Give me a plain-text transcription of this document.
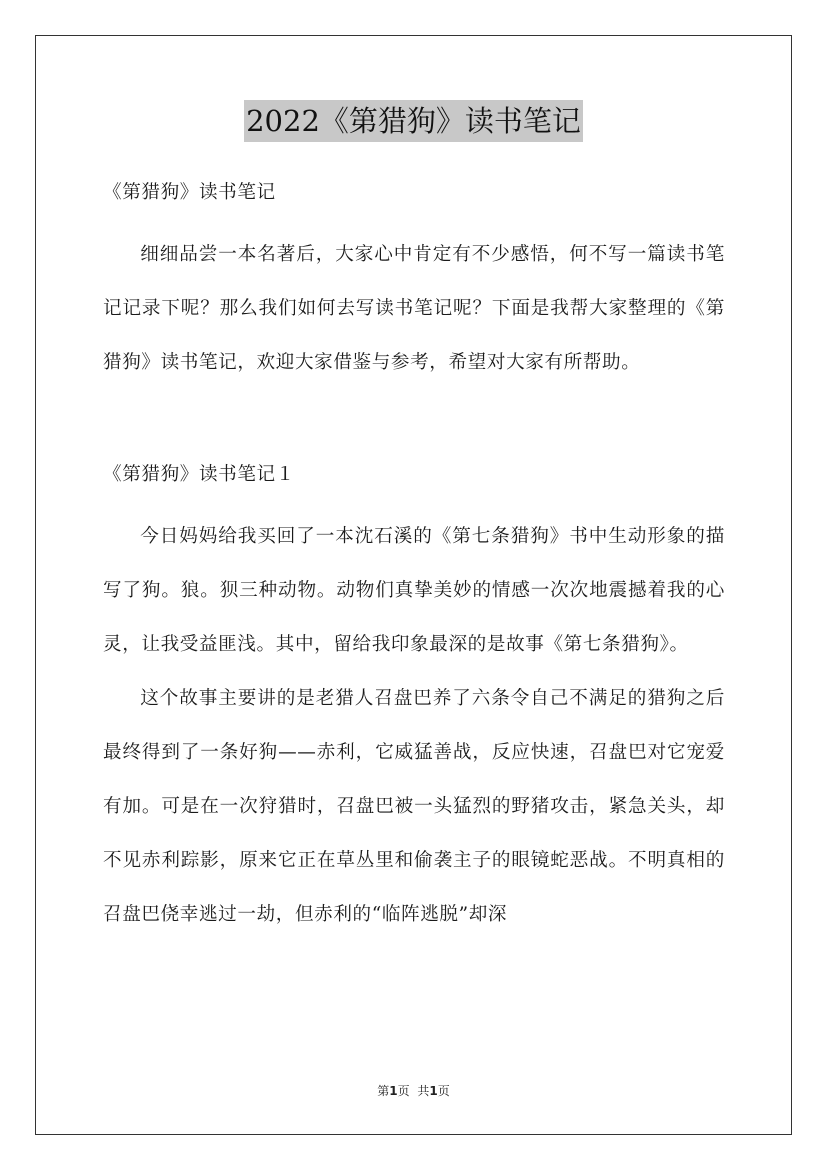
2022《第猎狗》读书笔记

《第猎狗》读书笔记

细细品尝一本名著后，大家心中肯定有不少感悟，何不写一篇读书笔记记录下呢？那么我们如何去写读书笔记呢？下面是我帮大家整理的《第猎狗》读书笔记，欢迎大家借鉴与参考，希望对大家有所帮助。

《第猎狗》读书笔记１

今日妈妈给我买回了一本沈石溪的《第七条猎狗》书中生动形象的描写了狗。狼。狈三种动物。动物们真挚美妙的情感一次次地震撼着我的心灵，让我受益匪浅。其中，留给我印象最深的是故事《第七条猎狗》。

这个故事主要讲的是老猎人召盘巴养了六条令自己不满足的猎狗之后最终得到了一条好狗——赤利，它威猛善战，反应快速，召盘巴对它宠爱有加。可是在一次狩猎时，召盘巴被一头猛烈的野猪攻击，紧急关头，却不见赤利踪影，原来它正在草丛里和偷袭主子的眼镜蛇恶战。不明真相的召盘巴侥幸逃过一劫，但赤利的“临阵逃脱”却深

第1页 共1页
